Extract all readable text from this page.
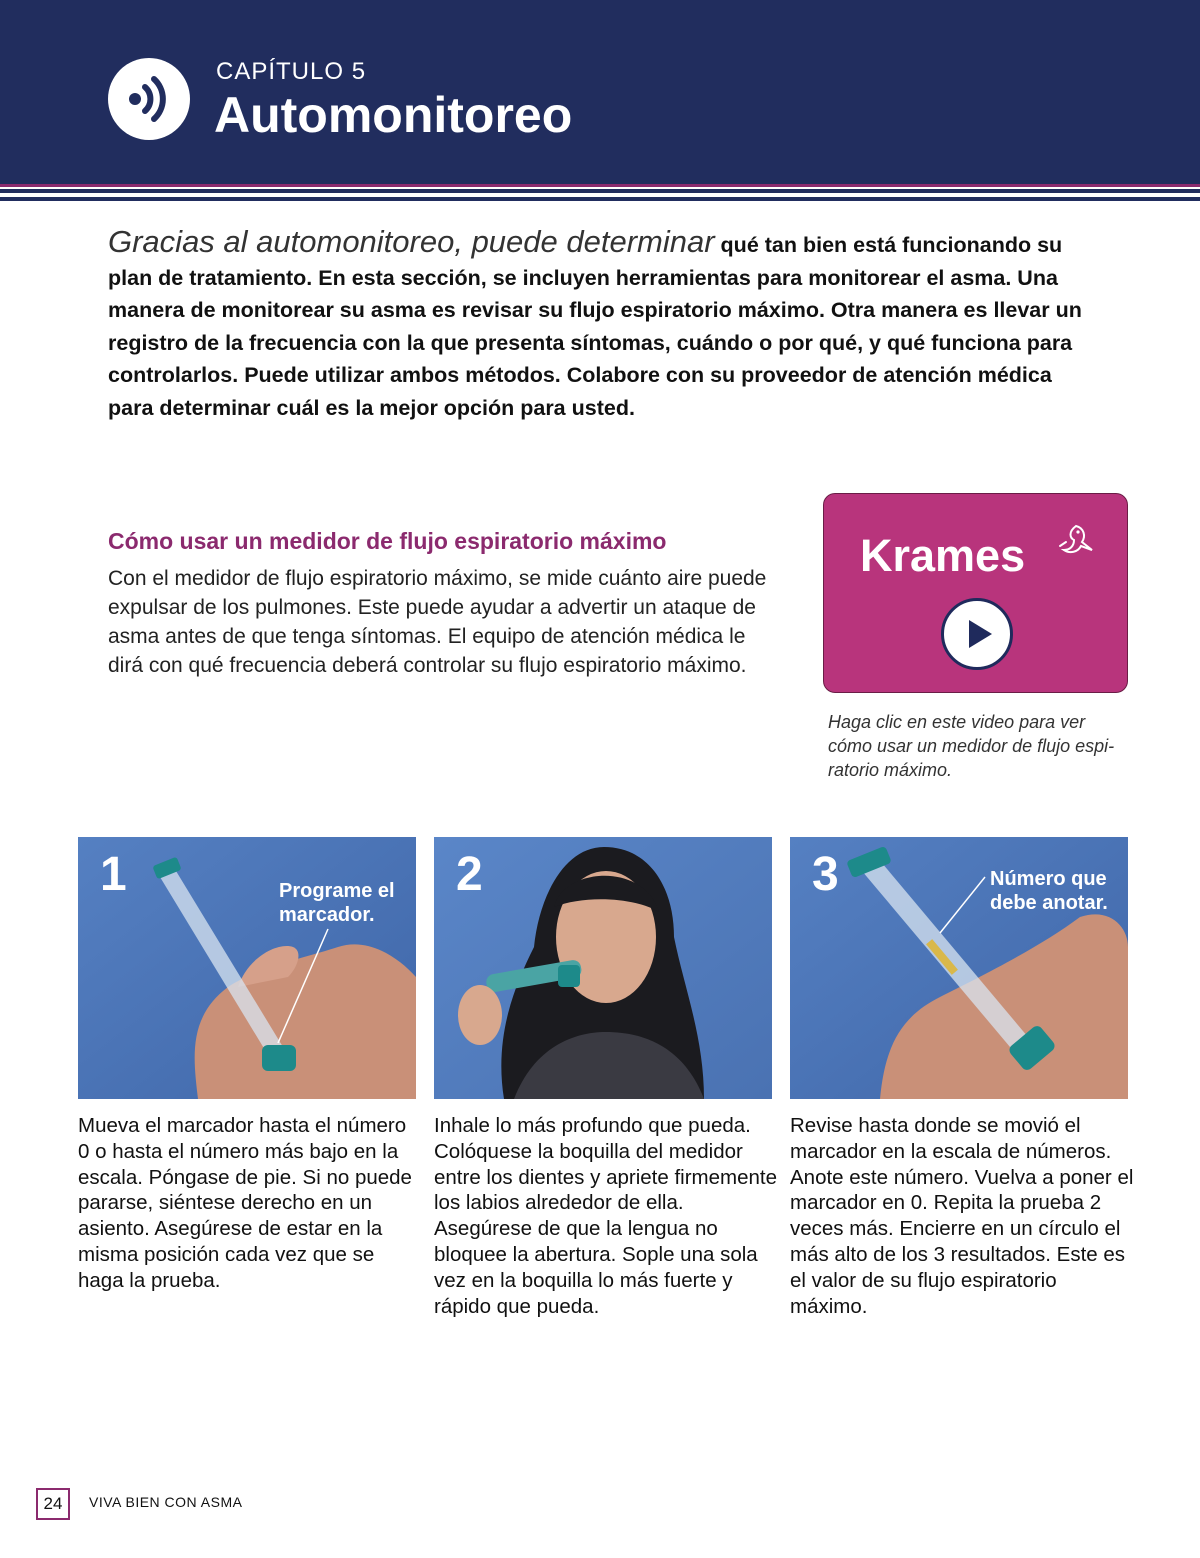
CAPÍTULO 5
Automonitoreo
Gracias al automonitoreo, puede determinar qué tan bien está funcionando su plan de tratamiento. En esta sección, se incluyen herramientas para monitorear el asma. Una manera de monitorear su asma es revisar su flujo espiratorio máximo. Otra manera es llevar un registro de la frecuencia con la que presenta síntomas, cuándo o por qué, y qué funciona para controlarlos. Puede utilizar ambos métodos. Colabore con su proveedor de atención médica para determinar cuál es la mejor opción para usted.
Cómo usar un medidor de flujo espiratorio máximo
Con el medidor de flujo espiratorio máximo, se mide cuánto aire puede expulsar de los pulmones. Este puede ayudar a advertir un ataque de asma antes de que tenga síntomas. El equipo de atención médica le dirá con qué frecuencia deberá controlar su flujo espiratorio máximo.
Krames
Haga clic en este video para ver cómo usar un medidor de flujo espi-ratorio máximo.
1	Programe el marcador.
2	3	Número que debe anotar.
Mueva el marcador hasta el número 0 o hasta el número más bajo en la escala. Póngase de pie. Si no puede pararse, siéntese derecho en un asiento. Asegúrese de estar en la misma posición cada vez que se haga la prueba.
Inhale lo más profundo que pueda. Colóquese la boquilla del medidor entre los dientes y apriete firmemente los labios alrededor de ella. Asegúrese de que la lengua no bloquee la abertura. Sople una sola vez en la boquilla lo más fuerte y rápido que pueda.
Revise hasta donde se movió el marcador en la escala de números. Anote este número. Vuelva a poner el marcador en 0. Repita la prueba 2 veces más. Encierre en un círculo el más alto de los 3 resultados. Este es el valor de su flujo espiratorio máximo.
24	VIVA BIEN CON ASMA
